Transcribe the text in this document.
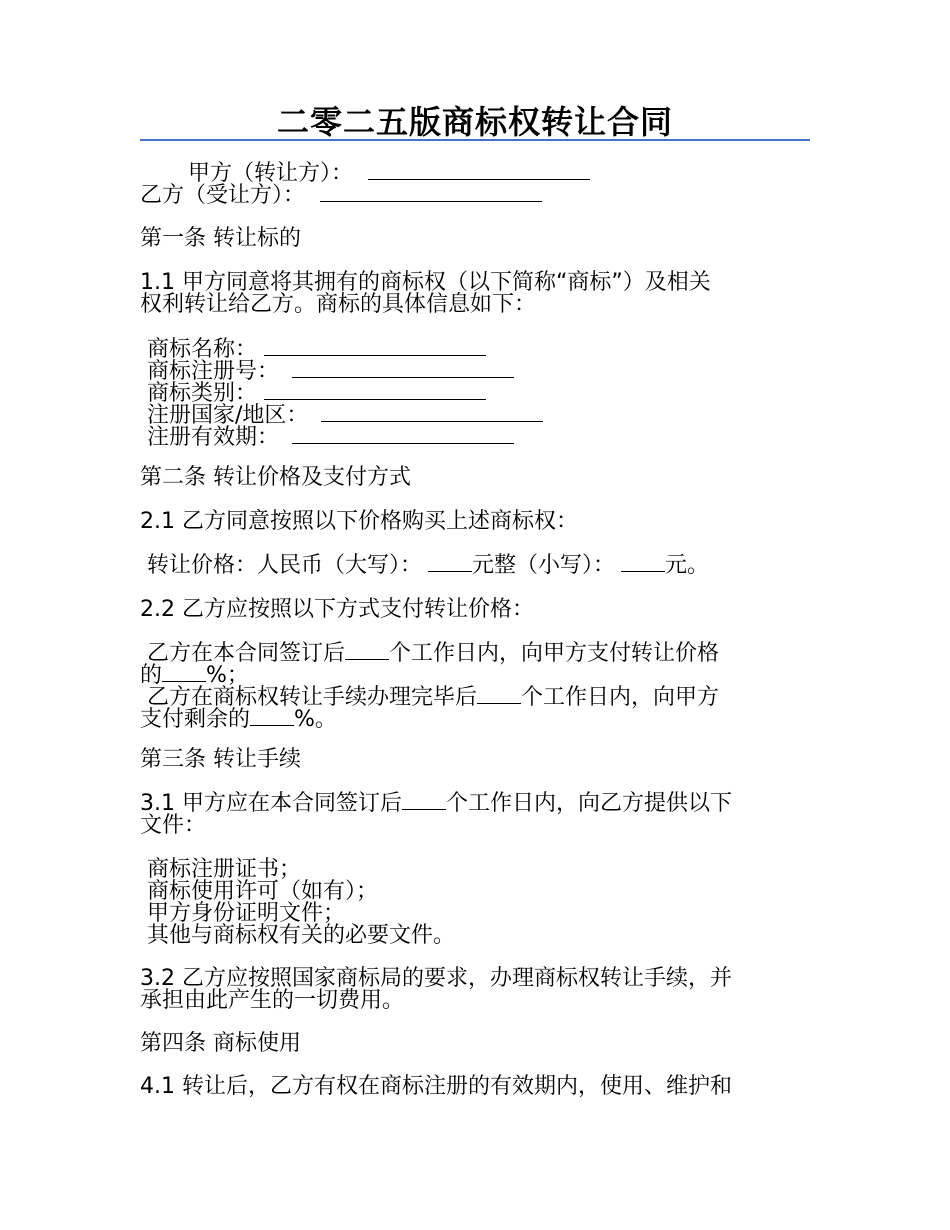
二零二五版商标权转让合同
甲方（转让方）：
乙方（受让方）：
第一条 转让标的
1.1 甲方同意将其拥有的商标权（以下简称“商标”）及相关
权利转让给乙方。商标的具体信息如下：
商标名称：
商标注册号：
商标类别：
注册国家/地区：
注册有效期：
第二条 转让价格及支付方式
2.1 乙方同意按照以下价格购买上述商标权：
转让价格：人民币（大写）： 元整（小写）： 元。
2.2 乙方应按照以下方式支付转让价格：
乙方在本合同签订后 个工作日内，向甲方支付转让价格
的 %；
乙方在商标权转让手续办理完毕后 个工作日内，向甲方
支付剩余的 %。
第三条 转让手续
3.1 甲方应在本合同签订后 个工作日内，向乙方提供以下
文件：
商标注册证书；
商标使用许可（如有）；
甲方身份证明文件；
其他与商标权有关的必要文件。
3.2 乙方应按照国家商标局的要求，办理商标权转让手续，并
承担由此产生的一切费用。
第四条 商标使用
4.1 转让后，乙方有权在商标注册的有效期内，使用、维护和
